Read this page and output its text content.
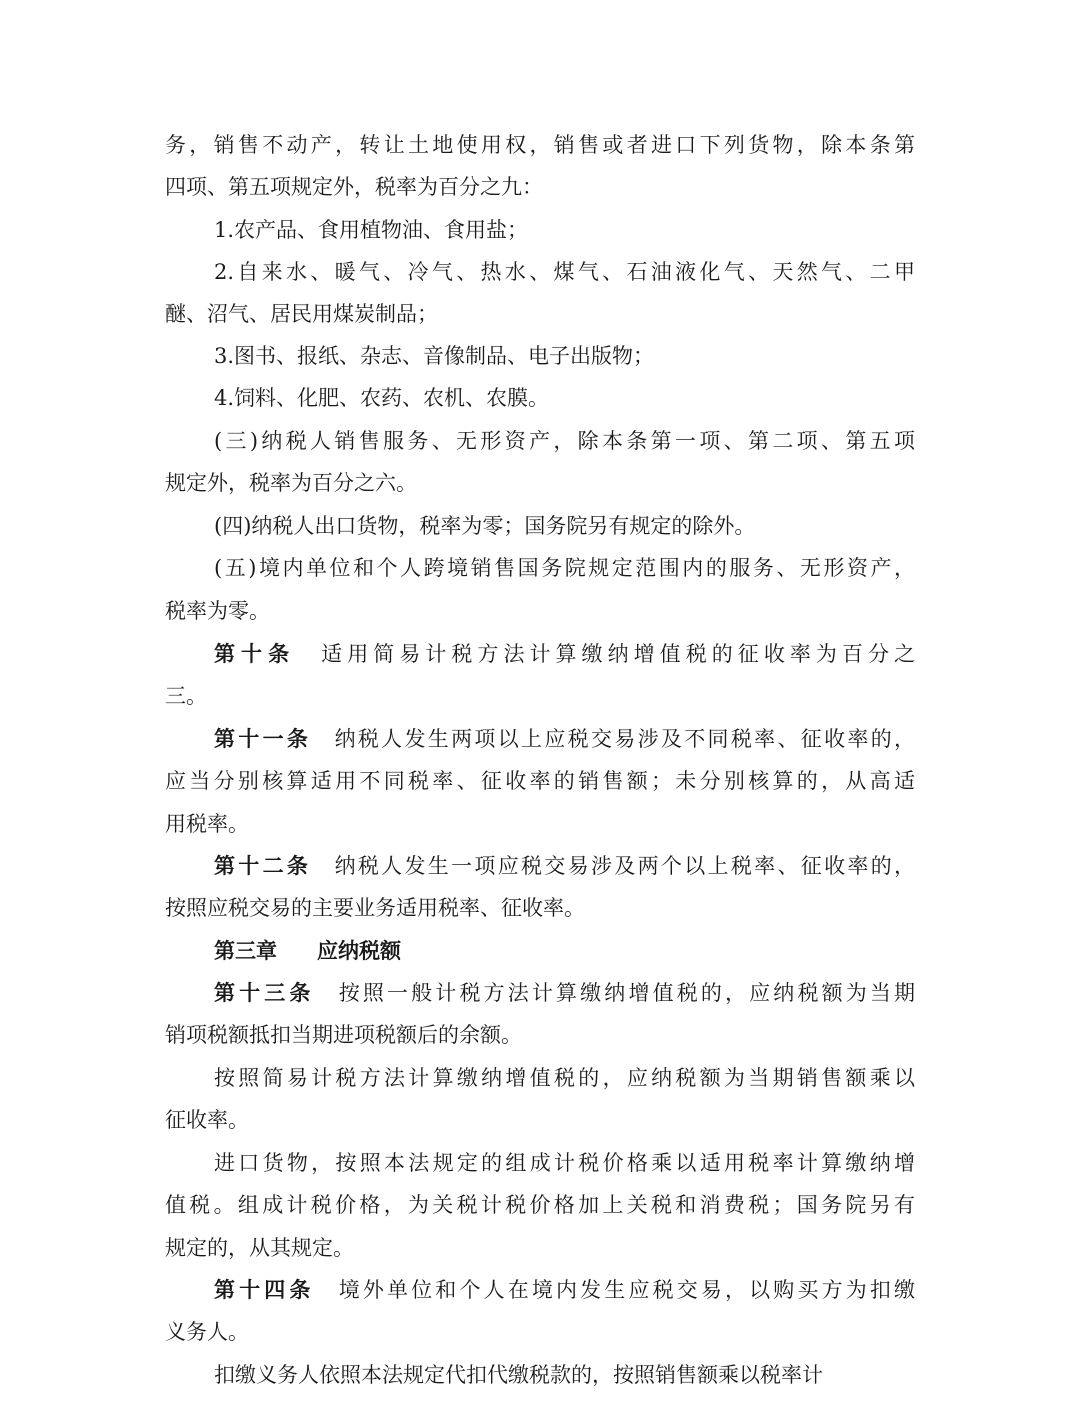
务，销售不动产，转让土地使用权，销售或者进口下列货物，除本条第
四项、第五项规定外，税率为百分之九：
1.农产品、食用植物油、食用盐；
2.自来水、暖气、冷气、热水、煤气、石油液化气、天然气、二甲
醚、沼气、居民用煤炭制品；
3.图书、报纸、杂志、音像制品、电子出版物；
4.饲料、化肥、农药、农机、农膜。
(三)纳税人销售服务、无形资产，除本条第一项、第二项、第五项
规定外，税率为百分之六。
(四)纳税人出口货物，税率为零；国务院另有规定的除外。
(五)境内单位和个人跨境销售国务院规定范围内的服务、无形资产，
税率为零。
第十条　 适用简易计税方法计算缴纳增值税的征收率为百分之
三。
第十一条　 纳税人发生两项以上应税交易涉及不同税率、征收率的，
应当分别核算适用不同税率、征收率的销售额；未分别核算的，从高适
用税率。
第十二条　 纳税人发生一项应税交易涉及两个以上税率、征收率的，
按照应税交易的主要业务适用税率、征收率。
第三章 应纳税额
第十三条　 按照一般计税方法计算缴纳增值税的，应纳税额为当期
销项税额抵扣当期进项税额后的余额。
按照简易计税方法计算缴纳增值税的，应纳税额为当期销售额乘以
征收率。
进口货物，按照本法规定的组成计税价格乘以适用税率计算缴纳增
值税。组成计税价格，为关税计税价格加上关税和消费税；国务院另有
规定的，从其规定。
第十四条　 境外单位和个人在境内发生应税交易，以购买方为扣缴
义务人。
扣缴义务人依照本法规定代扣代缴税款的，按照销售额乘以税率计
